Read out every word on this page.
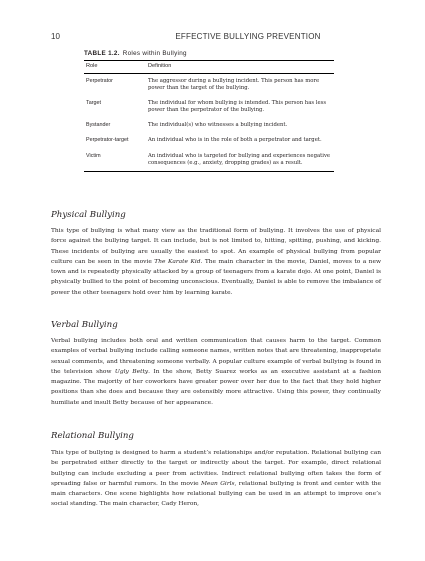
10	EFFECTIVE BULLYING PREVENTION
TABLE 1.2. Roles within Bullying
Role	Definition
Perpetrator	The aggressor during a bullying incident. This person has more power than the target of the bullying.
Target	The individual for whom bullying is intended. This person has less power than the perpetrator of the bullying.
Bystander	The individual(s) who witnesses a bullying incident.
Perpetrator-target	An individual who is in the role of both a perpetrator and target.
Victim	An individual who is targeted for bullying and experiences negative consequences (e.g., anxiety, dropping grades) as a result.
Physical Bullying

This type of bullying is what many view as the traditional form of bullying. It involves the use of physical force against the bullying target. It can include, but is not limited to, hitting, spitting, pushing, and kicking. These incidents of bullying are usually the easiest to spot. An example of physical bullying from popular culture can be seen in the movie The Karate Kid. The main character in the movie, Daniel, moves to a new town and is repeatedly physically attacked by a group of teenagers from a karate dojo. At one point, Daniel is physically bullied to the point of becoming unconscious. Eventually, Daniel is able to remove the imbalance of power the other teenagers hold over him by learning karate.

Verbal Bullying

Verbal bullying includes both oral and written communication that causes harm to the target. Common examples of verbal bullying include calling someone names, written notes that are threatening, inappropriate sexual comments, and threatening someone verbally. A popular culture example of verbal bullying is found in the television show Ugly Betty. In the show, Betty Suarez works as an executive assistant at a fashion magazine. The majority of her coworkers have greater power over her due to the fact that they hold higher positions than she does and because they are ostensibly more attractive. Using this power, they continually humiliate and insult Betty because of her appearance.

Relational Bullying

This type of bullying is designed to harm a student’s relationships and/or reputation. Relational bullying can be perpetrated either directly to the target or indirectly about the target. For example, direct relational bullying can include excluding a peer from activities. Indirect relational bullying often takes the form of spreading false or harmful rumors. In the movie Mean Girls, relational bullying is front and center with the main characters. One scene highlights how relational bullying can be used in an attempt to improve one’s social standing. The main character, Cady Heron,
